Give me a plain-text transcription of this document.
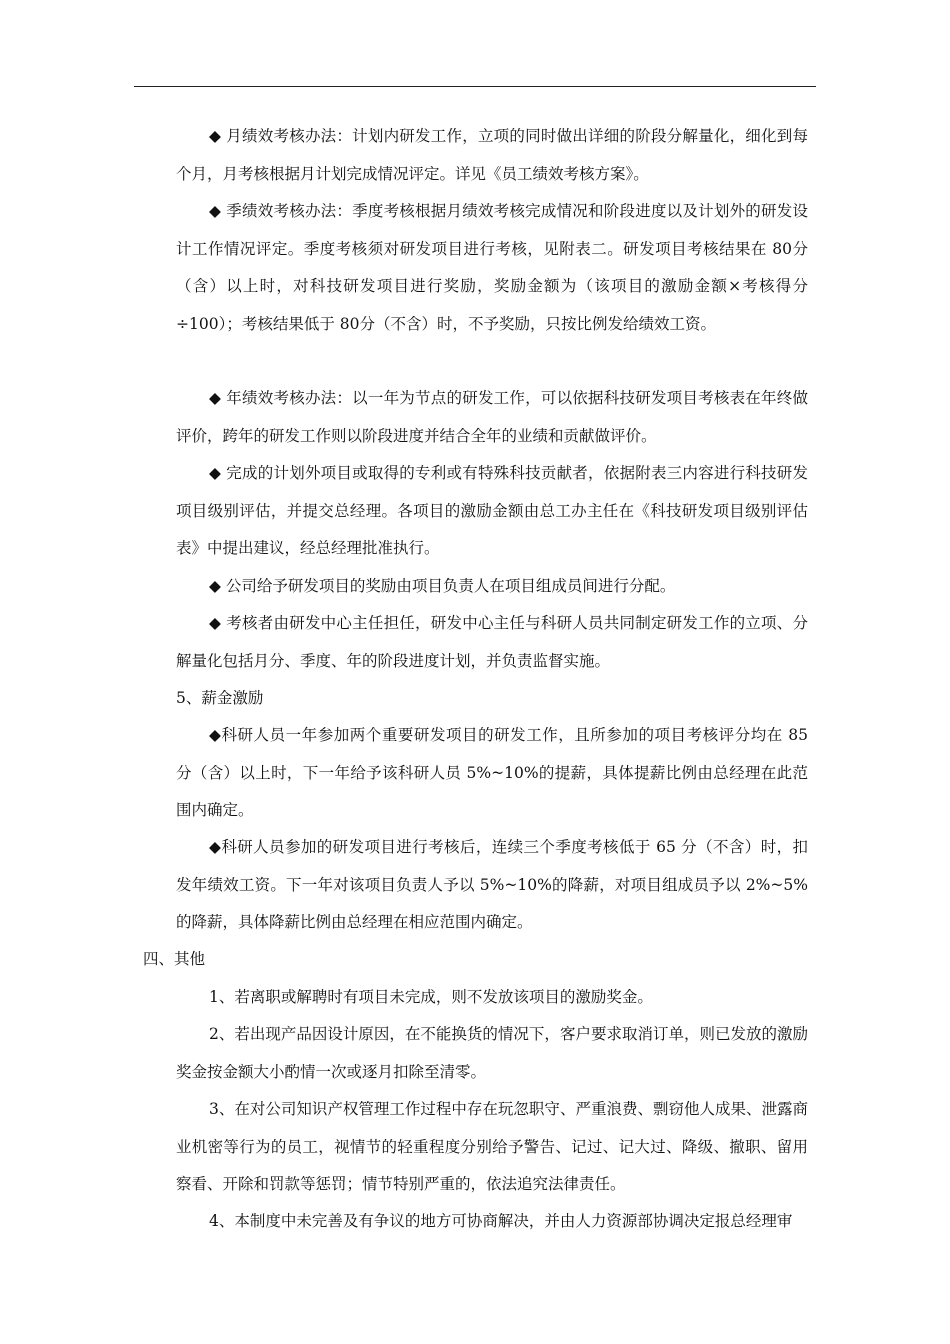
◆ 月绩效考核办法：计划内研发工作，立项的同时做出详细的阶段分解量化，细化到每个月，月考核根据月计划完成情况评定。详见《员工绩效考核方案》。

◆ 季绩效考核办法：季度考核根据月绩效考核完成情况和阶段进度以及计划外的研发设计工作情况评定。季度考核须对研发项目进行考核，见附表二。研发项目考核结果在 80分（含）以上时，对科技研发项目进行奖励，奖励金额为（该项目的激励金额×考核得分÷100）；考核结果低于 80分（不含）时，不予奖励，只按比例发给绩效工资。

◆ 年绩效考核办法：以一年为节点的研发工作，可以依据科技研发项目考核表在年终做评价，跨年的研发工作则以阶段进度并结合全年的业绩和贡献做评价。

◆ 完成的计划外项目或取得的专利或有特殊科技贡献者，依据附表三内容进行科技研发项目级别评估，并提交总经理。各项目的激励金额由总工办主任在《科技研发项目级别评估表》中提出建议，经总经理批准执行。

◆ 公司给予研发项目的奖励由项目负责人在项目组成员间进行分配。

◆ 考核者由研发中心主任担任，研发中心主任与科研人员共同制定研发工作的立项、分解量化包括月分、季度、年的阶段进度计划，并负责监督实施。

5、薪金激励

◆科研人员一年参加两个重要研发项目的研发工作，且所参加的项目考核评分均在 85 分（含）以上时，下一年给予该科研人员 5%~10%的提薪，具体提薪比例由总经理在此范围内确定。

◆科研人员参加的研发项目进行考核后，连续三个季度考核低于 65 分（不含）时，扣发年绩效工资。下一年对该项目负责人予以 5%~10%的降薪，对项目组成员予以 2%~5%的降薪，具体降薪比例由总经理在相应范围内确定。

四、其他

1、若离职或解聘时有项目未完成，则不发放该项目的激励奖金。

2、若出现产品因设计原因，在不能换货的情况下，客户要求取消订单，则已发放的激励奖金按金额大小酌情一次或逐月扣除至清零。

3、在对公司知识产权管理工作过程中存在玩忽职守、严重浪费、剽窃他人成果、泄露商业机密等行为的员工，视情节的轻重程度分别给予警告、记过、记大过、降级、撤职、留用察看、开除和罚款等惩罚；情节特别严重的，依法追究法律责任。

4、本制度中未完善及有争议的地方可协商解决，并由人力资源部协调决定报总经理审
